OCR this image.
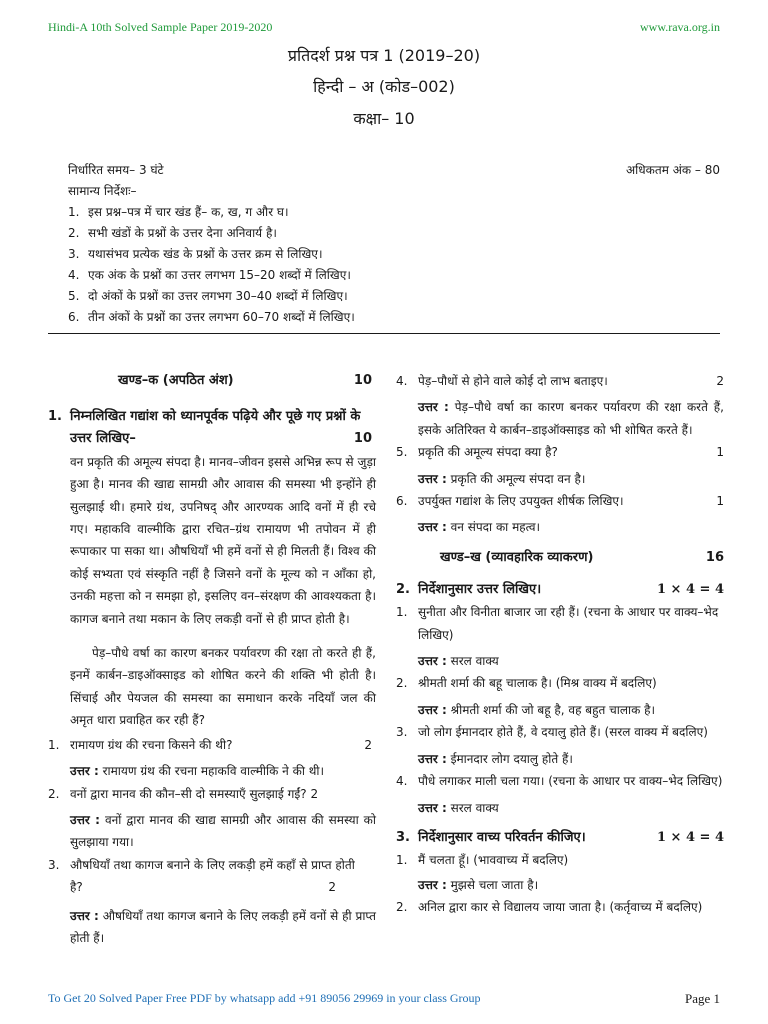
Hindi-A 10th Solved Sample Paper 2019-2020	www.rava.org.in
प्रतिदर्श प्रश्न पत्र 1 (2019–20)
हिन्दी – अ (कोड–002)
कक्षा– 10
निर्धारित समय– 3 घंटे	अधिकतम अंक – 80
सामान्य निर्देशः–
1. इस प्रश्न–पत्र में चार खंड हैं– क, ख, ग और घ।
2. सभी खंडों के प्रश्नों के उत्तर देना अनिवार्य है।
3. यथासंभव प्रत्येक खंड के प्रश्नों के उत्तर क्रम से लिखिए।
4. एक अंक के प्रश्नों का उत्तर लगभग 15–20 शब्दों में लिखिए।
5. दो अंकों के प्रश्नों का उत्तर लगभग 30–40 शब्दों में लिखिए।
6. तीन अंकों के प्रश्नों का उत्तर लगभग 60–70 शब्दों में लिखिए।
खण्ड–क (अपठित अंश)	10
1. निम्नलिखित गद्यांश को ध्यानपूर्वक पढ़िये और पूछे गए प्रश्नों के उत्तर लिखिए–	10
वन प्रकृति की अमूल्य संपदा है। मानव–जीवन इससे अभिन्न रूप से जुड़ा हुआ है। मानव की खाद्य सामग्री और आवास की समस्या भी इन्होंने ही सुलझाई थी। हमारे ग्रंथ, उपनिषद् और आरण्यक आदि वनों में ही रचे गए। महाकवि वाल्मीकि द्वारा रचित–ग्रंथ रामायण भी तपोवन में ही रूपाकार पा सका था। औषधियाँ भी हमें वनों से ही मिलती हैं। विश्व की कोई सभ्यता एवं संस्कृति नहीं है जिसने वनों के मूल्य को न आँका हो, उनकी महत्ता को न समझा हो, इसलिए वन–संरक्षण की आवश्यकता है। कागज बनाने तथा मकान के लिए लकड़ी वनों से ही प्राप्त होती है।
पेड़–पौधे वर्षा का कारण बनकर पर्यावरण की रक्षा तो करते ही हैं, इनमें कार्बन–डाइऑक्साइड को शोषित करने की शक्ति भी होती है। सिंचाई और पेयजल की समस्या का समाधान करके नदियाँ जल की अमृत धारा प्रवाहित कर रही हैं?
1. रामायण ग्रंथ की रचना किसने की थी?	2
उत्तर : रामायण ग्रंथ की रचना महाकवि वाल्मीकि ने की थी।
2. वनों द्वारा मानव की कौन–सी दो समस्याएँ सुलझाई गईं? 2
उत्तर : वनों द्वारा मानव की खाद्य सामग्री और आवास की समस्या को सुलझाया गया।
3. औषधियाँ तथा कागज बनाने के लिए लकड़ी हमें कहाँ से प्राप्त होती है?	2
उत्तर : औषधियाँ तथा कागज बनाने के लिए लकड़ी हमें वनों से ही प्राप्त होती हैं।
4. पेड़–पौधों से होने वाले कोई दो लाभ बताइए।	2
उत्तर : पेड़–पौधे वर्षा का कारण बनकर पर्यावरण की रक्षा करते हैं, इसके अतिरिक्त ये कार्बन–डाइऑक्साइड को भी शोषित करते हैं।
5. प्रकृति की अमूल्य संपदा क्या है?	1
उत्तर : प्रकृति की अमूल्य संपदा वन है।
6. उपर्युक्त गद्यांश के लिए उपयुक्त शीर्षक लिखिए।	1
उत्तर : वन संपदा का महत्व।
खण्ड–ख (व्यावहारिक व्याकरण)	16
2. निर्देशानुसार उत्तर लिखिए।	1 × 4 = 4
1. सुनीता और विनीता बाजार जा रही हैं। (रचना के आधार पर वाक्य–भेद लिखिए)
उत्तर : सरल वाक्य
2. श्रीमती शर्मा की बहू चालाक है। (मिश्र वाक्य में बदलिए)
उत्तर : श्रीमती शर्मा की जो बहू है, वह बहुत चालाक है।
3. जो लोग ईमानदार होते हैं, वे दयालु होते हैं। (सरल वाक्य में बदलिए)
उत्तर : ईमानदार लोग दयालु होते हैं।
4. पौधे लगाकर माली चला गया। (रचना के आधार पर वाक्य–भेद लिखिए)
उत्तर : सरल वाक्य
3. निर्देशानुसार वाच्य परिवर्तन कीजिए।	1 × 4 = 4
1. मैं चलता हूँ। (भाववाच्य में बदलिए)
उत्तर : मुझसे चला जाता है।
2. अनिल द्वारा कार से विद्यालय जाया जाता है। (कर्तृवाच्य में बदलिए)
To Get 20 Solved Paper Free PDF by whatsapp add +91 89056 29969 in your class Group	Page 1
